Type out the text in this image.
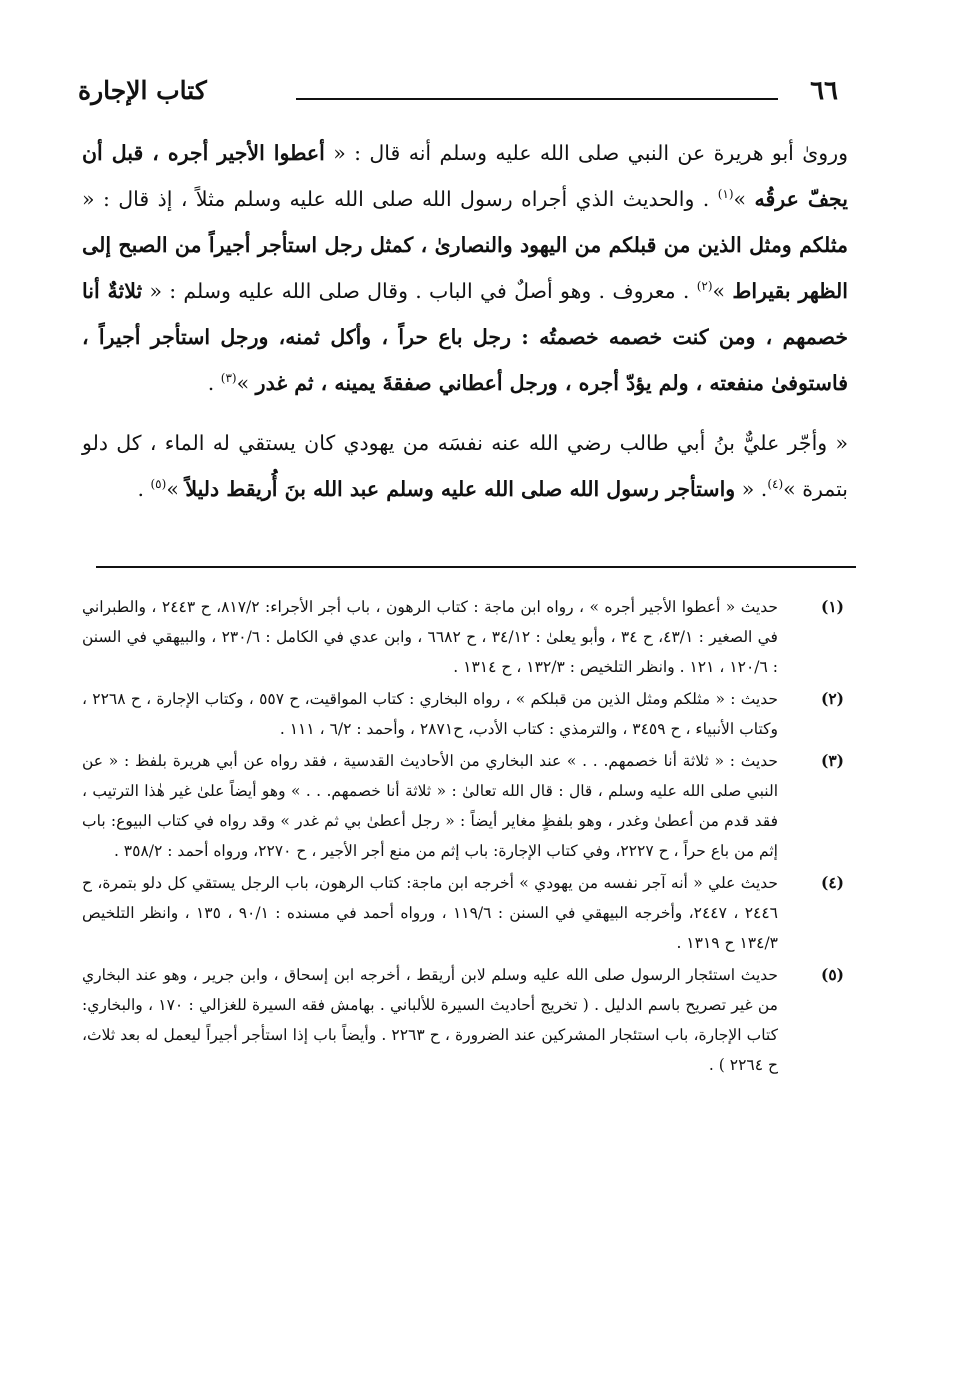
٦٦
كتاب الإجارة

وروىٰ أبو هريرة عن النبي صلى الله عليه وسلم أنه قال : « أعطوا الأجير أجره ، قبل أن يجفّ عرقُه »$^{(١)}$ . والحديث الذي أجراه رسول الله صلى الله عليه وسلم مثلاً ، إذ قال : « مثلكم ومثل الذين من قبلكم من اليهود والنصارىٰ ، كمثل رجل استأجر أجيراً من الصبح إلى الظهر بقيراط »$^{(٢)}$ . معروف . وهو أصلٌ في الباب . وقال صلى الله عليه وسلم : « ثلاثةٌ أنا خصمهم ، ومن كنت خصمه خصمتُه : رجل باع حراً ، وأكل ثمنه، ورجل استأجر أجيراً ، فاستوفىٰ منفعته ، ولم يؤدّ أجره ، ورجل أعطاني صفقةَ يمينه ، ثم غدر »$^{(٣)}$ .

« وأجّر عليٌّ بنُ أبي طالب رضي الله عنه نفسَه من يهودي كان يستقي له الماء ، كل دلو بتمرة »$^{(٤)}$. « واستأجر رسول الله صلى الله عليه وسلم عبد الله بنَ أُريقط دليلاً »$^{(٥)}$ .

(١)
حديث « أعطوا الأجير أجره » ، رواه ابن ماجة : كتاب الرهون ، باب أجر الأجراء: ٨١٧/٢، ح ٢٤٤٣ ، والطبراني في الصغير : ٤٣/١، ح ٣٤ ، وأبو يعلىٰ : ٣٤/١٢ ، ح ٦٦٨٢ ، وابن عدي في الكامل : ٢٣٠/٦ ، والبيهقي في السنن : ١٢٠/٦ ، ١٢١ . وانظر التلخيص : ١٣٢/٣ ، ح ١٣١٤ .
(٢)
حديث : « مثلكم ومثل الذين من قبلكم » ، رواه البخاري : كتاب المواقيت، ح ٥٥٧ ، وكتاب الإجارة ، ح ٢٢٦٨ ، وكتاب الأنبياء ، ح ٣٤٥٩ ، والترمذي : كتاب الأدب، ح٢٨٧١ ، وأحمد : ٦/٢ ، ١١١ .
(٣)
حديث : « ثلاثة أنا خصمهم. . . » عند البخاري من الأحاديث القدسية ، فقد رواه عن أبي هريرة بلفظ : « عن النبي صلى الله عليه وسلم ، قال : قال الله تعالىٰ : « ثلاثة أنا خصمهم. . . » وهو أيضاً علىٰ غير هٰذا الترتيب ، فقد قدم من أعطىٰ وغدر ، وهو بلفظٍ مغاير أيضاً : « رجل أعطىٰ بي ثم غدر » وقد رواه في كتاب البيوع: باب إثم من باع حراً ، ح ٢٢٢٧، وفي كتاب الإجارة: باب إثم من منع أجر الأجير ، ح ٢٢٧٠، ورواه أحمد : ٣٥٨/٢ .
(٤)
حديث علي « أنه آجر نفسه من يهودي » أخرجه ابن ماجة: كتاب الرهون، باب الرجل يستقي كل دلو بتمرة، ح ٢٤٤٦ ، ٢٤٤٧، وأخرجه البيهقي في السنن : ١١٩/٦ ، ورواه أحمد في مسنده : ٩٠/١ ، ١٣٥ ، وانظر التلخيص ١٣٤/٣ ح ١٣١٩ .
(٥)
حديث استئجار الرسول صلى الله عليه وسلم لابن أريقط ، أخرجه ابن إسحاق ، وابن جرير ، وهو عند البخاري من غير تصريح باسم الدليل . ( تخريج أحاديث السيرة للألباني . بهامش فقه السيرة للغزالي : ١٧٠ ، والبخاري: كتاب الإجارة، باب استئجار المشركين عند الضرورة ، ح ٢٢٦٣ . وأيضاً باب إذا استأجر أجيراً ليعمل له بعد ثلاث، ح ٢٢٦٤ ) .
